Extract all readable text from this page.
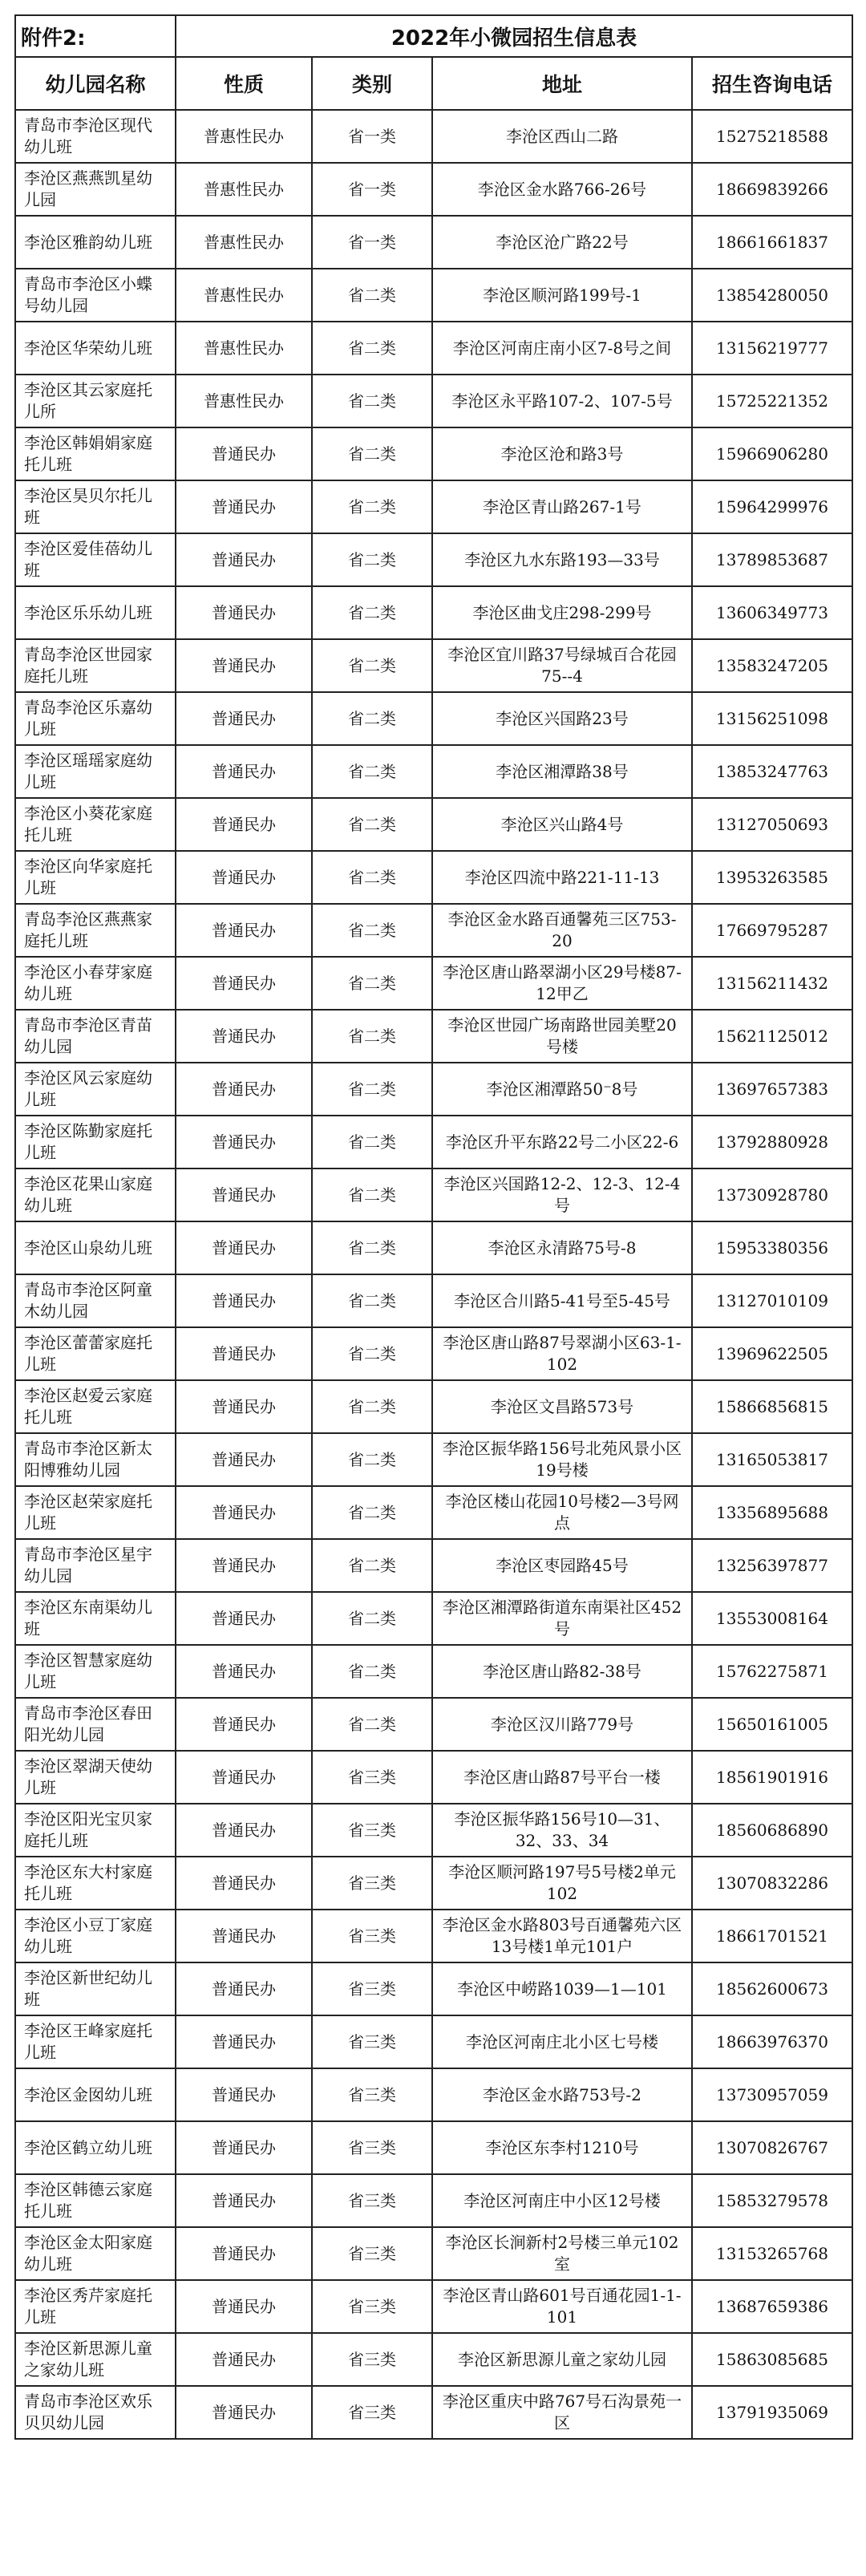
附件2:	2022年小微园招生信息表			
幼儿园名称	性质	类别	地址	招生咨询电话
青岛市李沧区现代幼儿班	普惠性民办	省一类	李沧区西山二路	15275218588
李沧区燕燕凯星幼儿园	普惠性民办	省一类	李沧区金水路766-26号	18669839266
李沧区雅韵幼儿班	普惠性民办	省一类	李沧区沧广路22号	18661661837
青岛市李沧区小蝶号幼儿园	普惠性民办	省二类	李沧区顺河路199号-1	13854280050
李沧区华荣幼儿班	普惠性民办	省二类	李沧区河南庄南小区7-8号之间	13156219777
李沧区其云家庭托儿所	普惠性民办	省二类	李沧区永平路107-2、107-5号	15725221352
李沧区韩娟娟家庭托儿班	普通民办	省二类	李沧区沧和路3号	15966906280
李沧区昊贝尔托儿班	普通民办	省二类	李沧区青山路267-1号	15964299976
李沧区爱佳蓓幼儿班	普通民办	省二类	李沧区九水东路193—33号	13789853687
李沧区乐乐幼儿班	普通民办	省二类	李沧区曲戈庄298-299号	13606349773
青岛李沧区世园家庭托儿班	普通民办	省二类	李沧区宜川路37号绿城百合花园75--4	13583247205
青岛李沧区乐嘉幼儿班	普通民办	省二类	李沧区兴国路23号	13156251098
李沧区瑶瑶家庭幼儿班	普通民办	省二类	李沧区湘潭路38号	13853247763
李沧区小葵花家庭托儿班	普通民办	省二类	李沧区兴山路4号	13127050693
李沧区向华家庭托儿班	普通民办	省二类	李沧区四流中路221-11-13	13953263585
青岛李沧区燕燕家庭托儿班	普通民办	省二类	李沧区金水路百通馨苑三区753-20	17669795287
李沧区小春芽家庭幼儿班	普通民办	省二类	李沧区唐山路翠湖小区29号楼87-12甲乙	13156211432
青岛市李沧区青苗幼儿园	普通民办	省二类	李沧区世园广场南路世园美墅20号楼	15621125012
李沧区风云家庭幼儿班	普通民办	省二类	李沧区湘潭路50⁻8号	13697657383
李沧区陈勤家庭托儿班	普通民办	省二类	李沧区升平东路22号二小区22-6	13792880928
李沧区花果山家庭幼儿班	普通民办	省二类	李沧区兴国路12-2、12-3、12-4号	13730928780
李沧区山泉幼儿班	普通民办	省二类	李沧区永清路75号-8	15953380356
青岛市李沧区阿童木幼儿园	普通民办	省二类	李沧区合川路5-41号至5-45号	13127010109
李沧区蕾蕾家庭托儿班	普通民办	省二类	李沧区唐山路87号翠湖小区63-1-102	13969622505
李沧区赵爱云家庭托儿班	普通民办	省二类	李沧区文昌路573号	15866856815
青岛市李沧区新太阳博雅幼儿园	普通民办	省二类	李沧区振华路156号北苑风景小区19号楼	13165053817
李沧区赵荣家庭托儿班	普通民办	省二类	李沧区楼山花园10号楼2—3号网点	13356895688
青岛市李沧区星宇幼儿园	普通民办	省二类	李沧区枣园路45号	13256397877
李沧区东南渠幼儿班	普通民办	省二类	李沧区湘潭路街道东南渠社区452号	13553008164
李沧区智慧家庭幼儿班	普通民办	省二类	李沧区唐山路82-38号	15762275871
青岛市李沧区春田阳光幼儿园	普通民办	省二类	李沧区汉川路779号	15650161005
李沧区翠湖天使幼儿班	普通民办	省三类	李沧区唐山路87号平台一楼	18561901916
李沧区阳光宝贝家庭托儿班	普通民办	省三类	李沧区振华路156号10—31、32、33、34	18560686890
李沧区东大村家庭托儿班	普通民办	省三类	李沧区顺河路197号5号楼2单元102	13070832286
李沧区小豆丁家庭幼儿班	普通民办	省三类	李沧区金水路803号百通馨苑六区13号楼1单元101户	18661701521
李沧区新世纪幼儿班	普通民办	省三类	李沧区中崂路1039—1—101	18562600673
李沧区王峰家庭托儿班	普通民办	省三类	李沧区河南庄北小区七号楼	18663976370
李沧区金囡幼儿班	普通民办	省三类	李沧区金水路753号-2	13730957059
李沧区鹤立幼儿班	普通民办	省三类	李沧区东李村1210号	13070826767
李沧区韩德云家庭托儿班	普通民办	省三类	李沧区河南庄中小区12号楼	15853279578
李沧区金太阳家庭幼儿班	普通民办	省三类	李沧区长涧新村2号楼三单元102室	13153265768
李沧区秀芹家庭托儿班	普通民办	省三类	李沧区青山路601号百通花园1-1-101	13687659386
李沧区新思源儿童之家幼儿班	普通民办	省三类	李沧区新思源儿童之家幼儿园	15863085685
青岛市李沧区欢乐贝贝幼儿园	普通民办	省三类	李沧区重庆中路767号石沟景苑一区	13791935069
